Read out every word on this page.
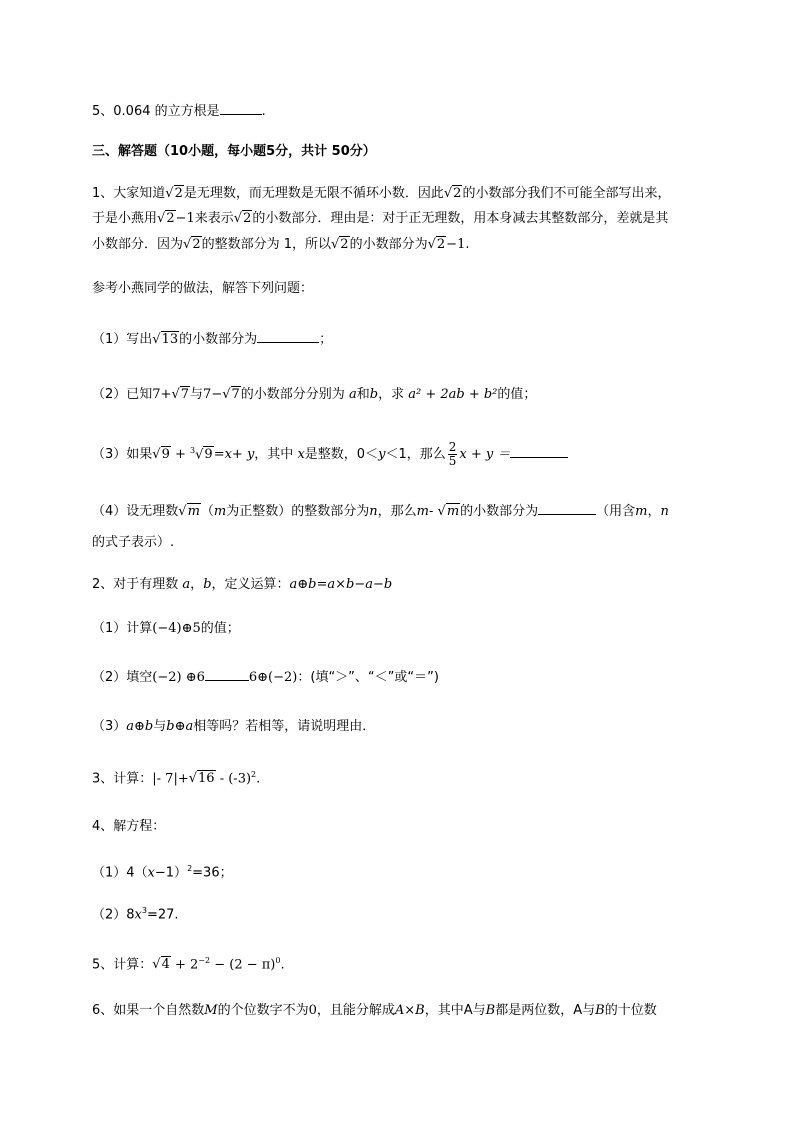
5、0.064 的立方根是	.
三、解答题（10小题，每小题5分，共计 50分）
1、大家知道√2是无理数，而无理数是无限不循环小数．因此√2的小数部分我们不可能全部写出来，
于是小燕用√2−1来表示√2的小数部分．理由是：对于正无理数，用本身减去其整数部分，差就是其
小数部分．因为√2的整数部分为 1，所以√2的小数部分为√2−1.
参考小燕同学的做法，解答下列问题：
（1）写出√13的小数部分为	；
（2）已知7+√7与7−√7的小数部分分别为 a和b，求 a² + 2ab + b²的值；
（3）如果√9 + $^3$√9=x+ y，其中 x是整数，0＜y＜1，那么 $\frac{2}{5}$ x + y ＝
（4）设无理数√m（m为正整数）的整数部分为n，那么m- √m的小数部分为	（用含m，n
的式子表示）.
2、对于有理数 a，b，定义运算：a⊕b=a×b−a−b
（1）计算(−4)⊕5的值；
（2）填空(−2) ⊕6	6⊕(−2)：(填“＞”、“＜”或“＝”)
（3）a⊕b与b⊕a相等吗？若相等，请说明理由．
3、计算：|- $7|+√16 - (-3)^2$.
4、解方程：
$(1)4(x-1)^2=36$；
$(2)8x^3=27$.
5、计算：$√4 + 2^{-2} - (2 - \pi)^0$.
6、如果一个自然数M的个位数字不为0，且能分解成A×B，其中A与B都是两位数，A与B的十位数
